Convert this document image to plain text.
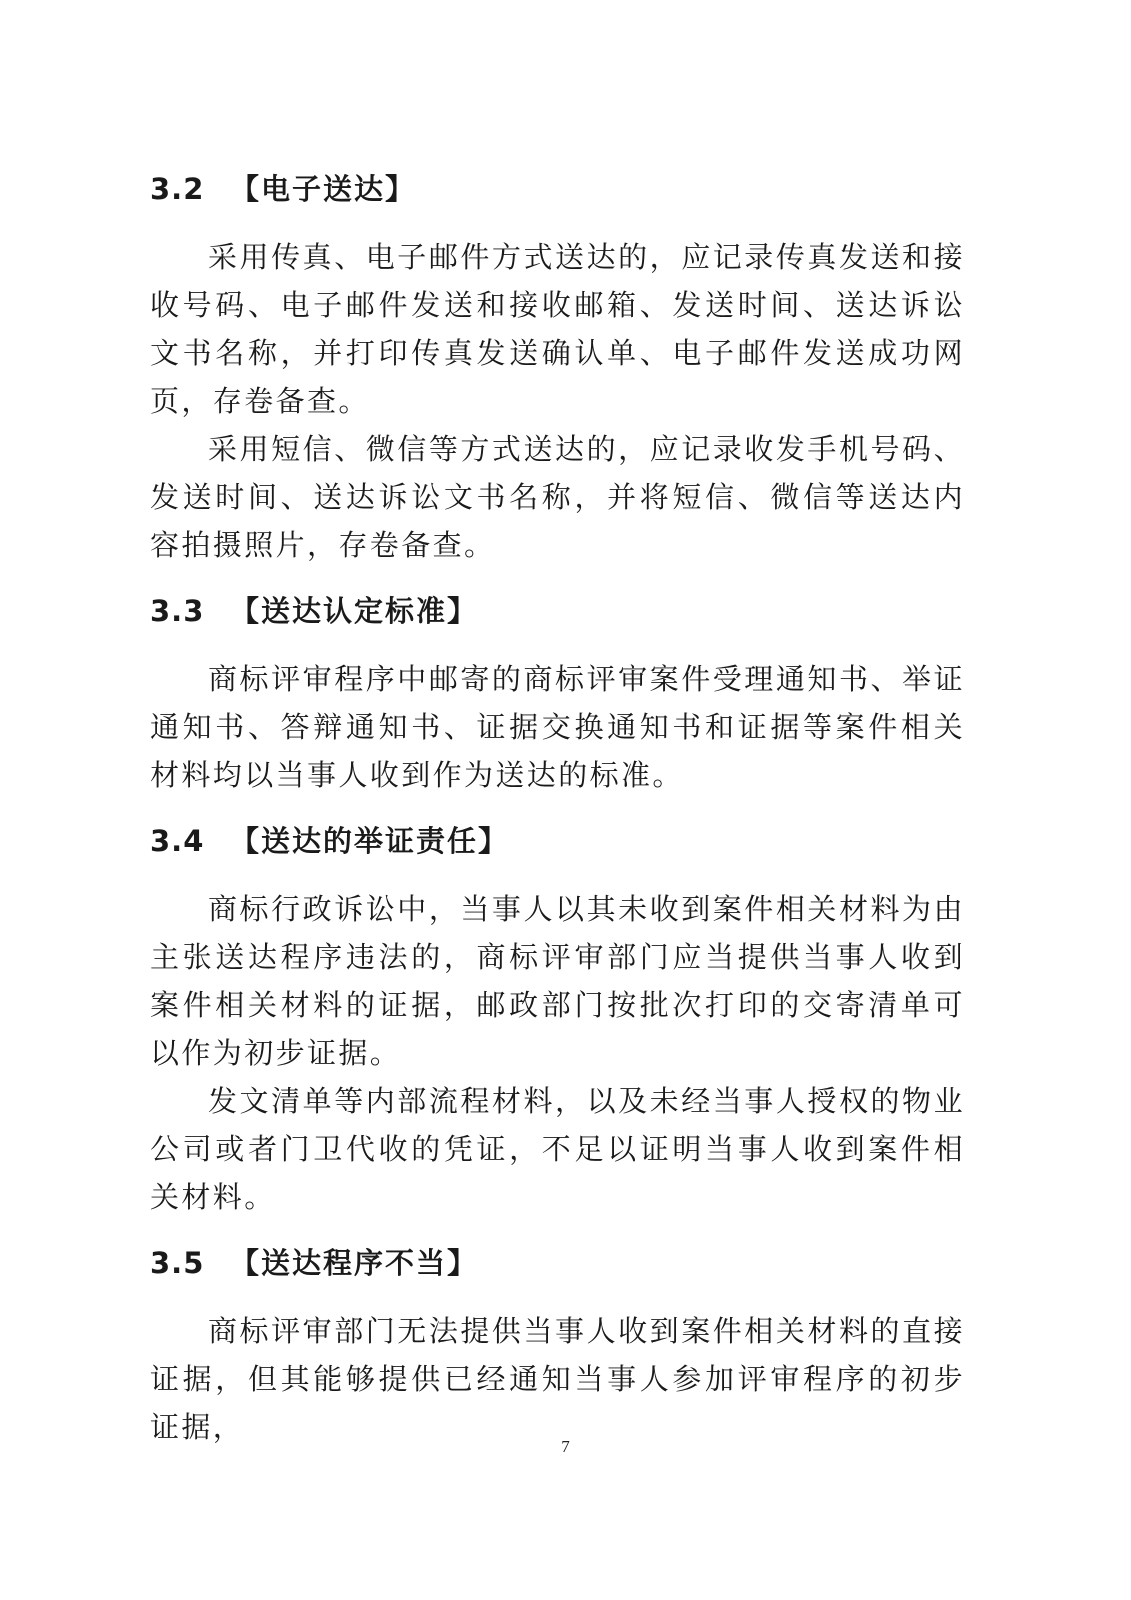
3.2 【电子送达】

采用传真、电子邮件方式送达的，应记录传真发送和接收号码、电子邮件发送和接收邮箱、发送时间、送达诉讼文书名称，并打印传真发送确认单、电子邮件发送成功网页，存卷备查。

采用短信、微信等方式送达的，应记录收发手机号码、发送时间、送达诉讼文书名称，并将短信、微信等送达内容拍摄照片，存卷备查。

3.3 【送达认定标准】

商标评审程序中邮寄的商标评审案件受理通知书、举证通知书、答辩通知书、证据交换通知书和证据等案件相关材料均以当事人收到作为送达的标准。

3.4 【送达的举证责任】

商标行政诉讼中，当事人以其未收到案件相关材料为由主张送达程序违法的，商标评审部门应当提供当事人收到案件相关材料的证据，邮政部门按批次打印的交寄清单可以作为初步证据。

发文清单等内部流程材料，以及未经当事人授权的物业公司或者门卫代收的凭证，不足以证明当事人收到案件相关材料。

3.5 【送达程序不当】

商标评审部门无法提供当事人收到案件相关材料的直接证据，但其能够提供已经通知当事人参加评审程序的初步证据，

7
